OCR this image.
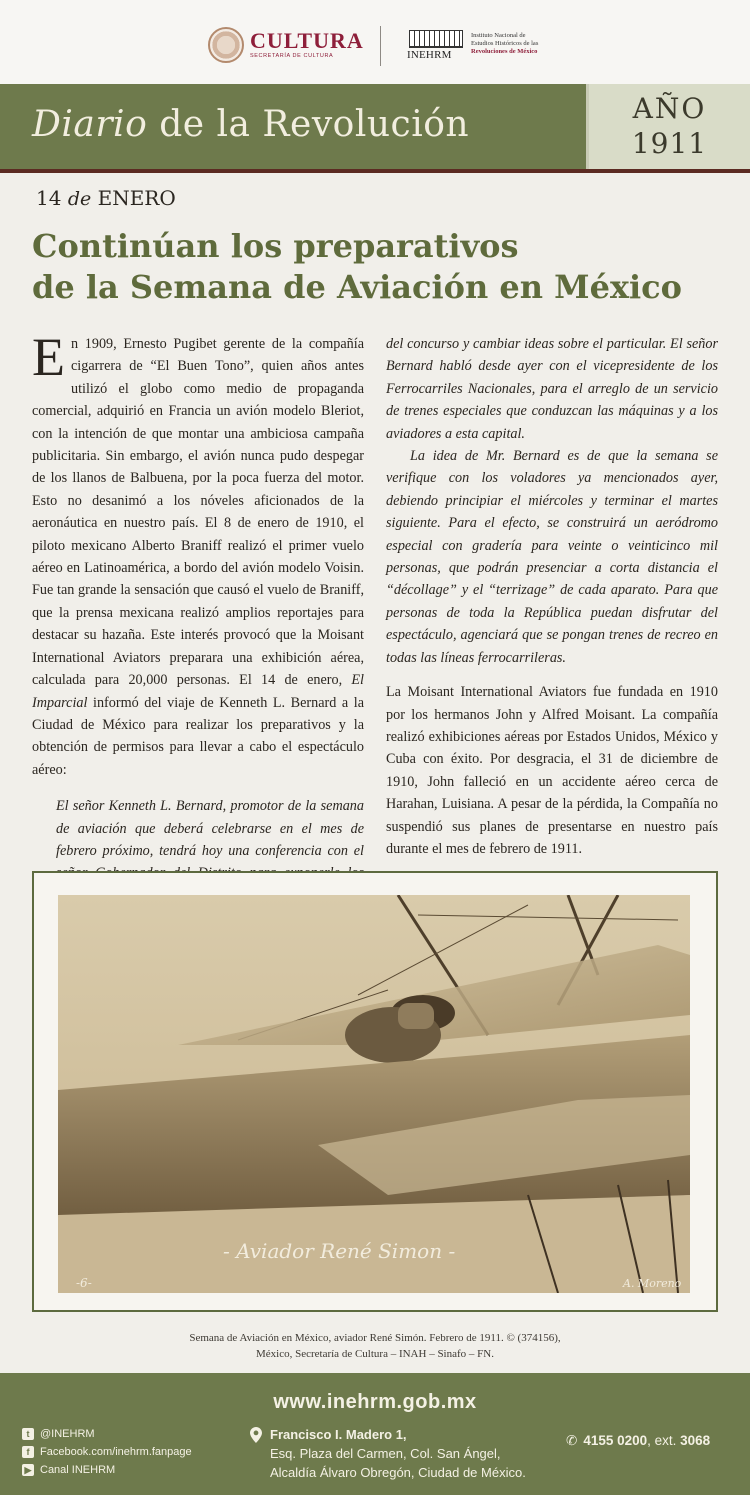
CULTURA
SECRETARÍA DE CULTURA	INEHRM
Instituto Nacional de
Estudios Históricos de las
Revoluciones de México
Diario de la Revolución	AÑO
1911
14 de ENERO
Continúan los preparativos
de la Semana de Aviación en México

En 1909, Ernesto Pugibet gerente de la compañía cigarrera de “El Buen Tono”, quien años antes utilizó el globo como medio de propaganda comercial, adquirió en Francia un avión modelo Bleriot, con la intención de que montar una ambiciosa campaña publicitaria. Sin embargo, el avión nunca pudo despegar de los llanos de Balbuena, por la poca fuerza del motor. Esto no desanimó a los nóveles aficionados de la aeronáutica en nuestro país. El 8 de enero de 1910, el piloto mexicano Alberto Braniff realizó el primer vuelo aéreo en Latinoamérica, a bordo del avión modelo Voisin. Fue tan grande la sensación que causó el vuelo de Braniff, que la prensa mexicana realizó amplios reportajes para destacar su hazaña. Este interés provocó que la Moisant International Aviators preparara una exhibición aérea, calculada para 20,000 personas. El 14 de enero, El Imparcial informó del viaje de Kenneth L. Bernard a la Ciudad de México para realizar los preparativos y la obtención de permisos para llevar a cabo el espectáculo aéreo:

El señor Kenneth L. Bernard, promotor de la semana de aviación que deberá celebrarse en el mes de febrero próximo, tendrá hoy una conferencia con el

del concurso y cambiar ideas sobre el particular. El señor Bernard habló desde ayer con el vicepresidente de los Ferrocarriles Nacionales, para el arreglo de un servicio de trenes especiales que conduzcan las máquinas y a los aviadores a esta capital.

La idea de Mr. Bernard es de que la semana se verifique con los voladores ya mencionados ayer, debiendo principiar el miércoles y terminar el martes siguiente. Para el efecto, se construirá un aeródromo especial con gradería para veinte o veinticinco mil personas, que podrán presenciar a corta distancia el “décollage” y el “terrizage” de cada aparato. Para que personas de toda la República puedan disfrutar del espectáculo, agenciará que se pongan trenes de recreo en todas las líneas ferrocarrileras.

La Moisant International Aviators fue fundada en 1910 por los hermanos John y Alfred Moisant. La compañía realizó exhibiciones aéreas por Estados Unidos, México y Cuba con éxito. Por desgracia, el 31 de diciembre de 1910, John falleció en un accidente aéreo cerca de Harahan, Luisiana. A pesar de la pérdida, la Compañía no suspendió sus planes de presentarse en nuestro país durante el mes de febrero de 1911.

- Aviador René Simon -
-6-	A. Moreno
Semana de Aviación en México, aviador René Simón. Febrero de 1911. © (374156),
México, Secretaría de Cultura – INAH – Sinafo – FN.
www.inehrm.gob.mx
t @INEHRM
f Facebook.com/inehrm.fanpage
▶ Canal INEHRM
Francisco I. Madero 1,
Esq. Plaza del Carmen, Col. San Ángel,
Alcaldía Álvaro Obregón, Ciudad de México.
✆ 4155 0200, ext. 3068
